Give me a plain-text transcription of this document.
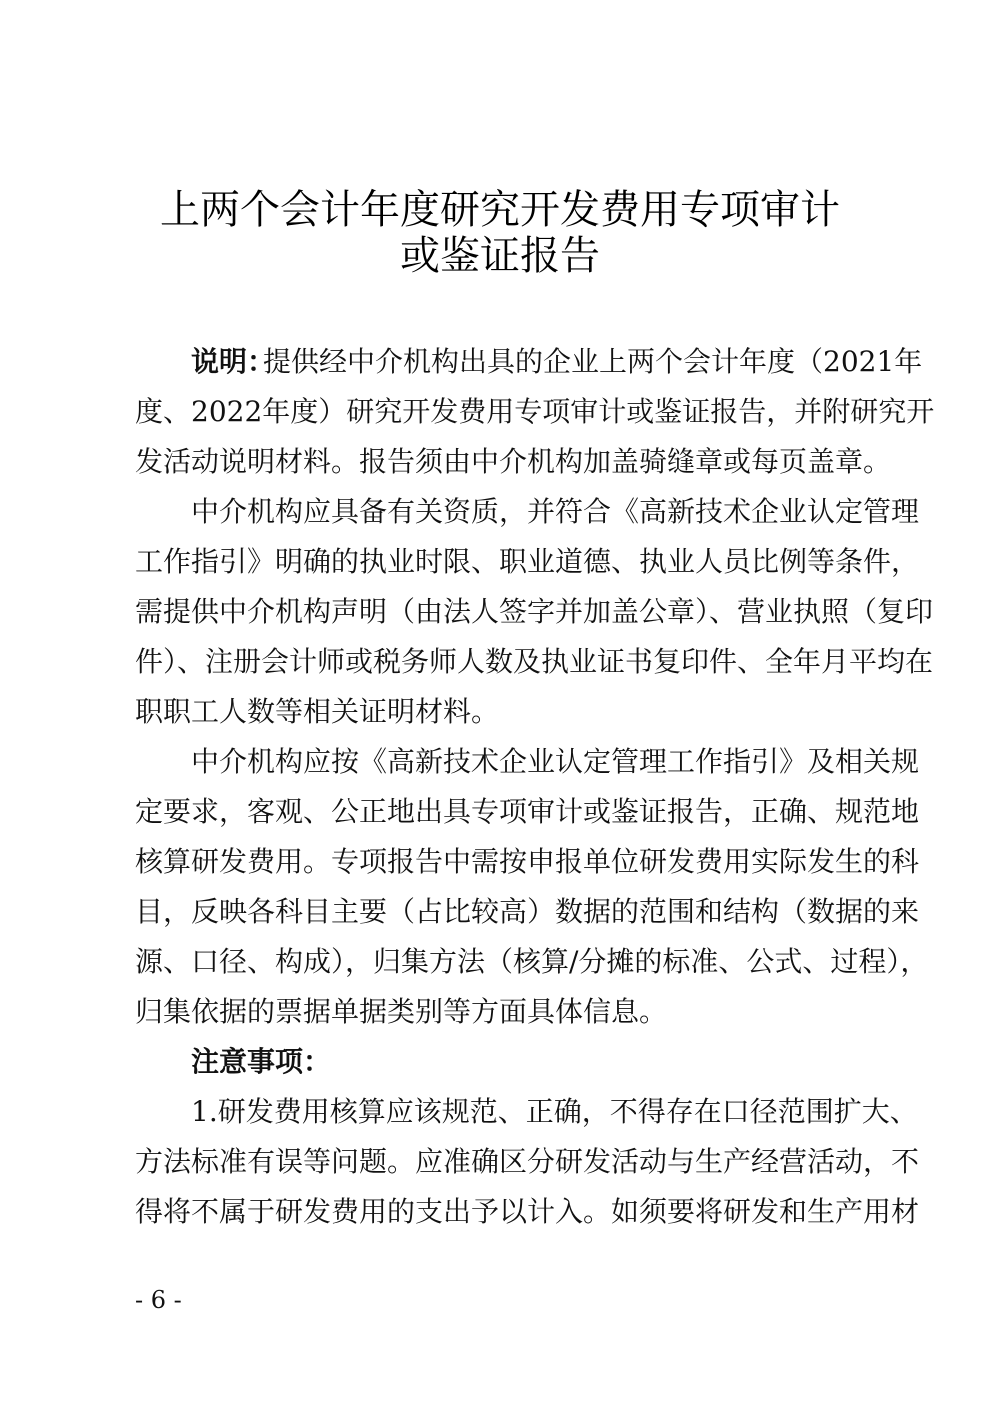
上两个会计年度研究开发费用专项审计
或鉴证报告
说明：
提供经中介机构出具的企业上两个会计年度（2021年
度、2022年度）研究开发费用专项审计或鉴证报告，并附研究开
发活动说明材料。报告须由中介机构加盖骑缝章或每页盖章。
中介机构应具备有关资质，并符合《高新技术企业认定管理
工作指引》明确的执业时限、职业道德、执业人员比例等条件，
需提供中介机构声明（由法人签字并加盖公章）、营业执照（复印
件）、注册会计师或税务师人数及执业证书复印件、全年月平均在
职职工人数等相关证明材料。
中介机构应按《高新技术企业认定管理工作指引》及相关规
定要求，客观、公正地出具专项审计或鉴证报告，正确、规范地
核算研发费用。专项报告中需按申报单位研发费用实际发生的科
目，反映各科目主要（占比较高）数据的范围和结构（数据的来
源、口径、构成），归集方法（核算/分摊的标准、公式、过程），
归集依据的票据单据类别等方面具体信息。
注意事项：
1.研发费用核算应该规范、正确，不得存在口径范围扩大、
方法标准有误等问题。应准确区分研发活动与生产经营活动，不
得将不属于研发费用的支出予以计入。如须要将研发和生产用材
- 6 -
